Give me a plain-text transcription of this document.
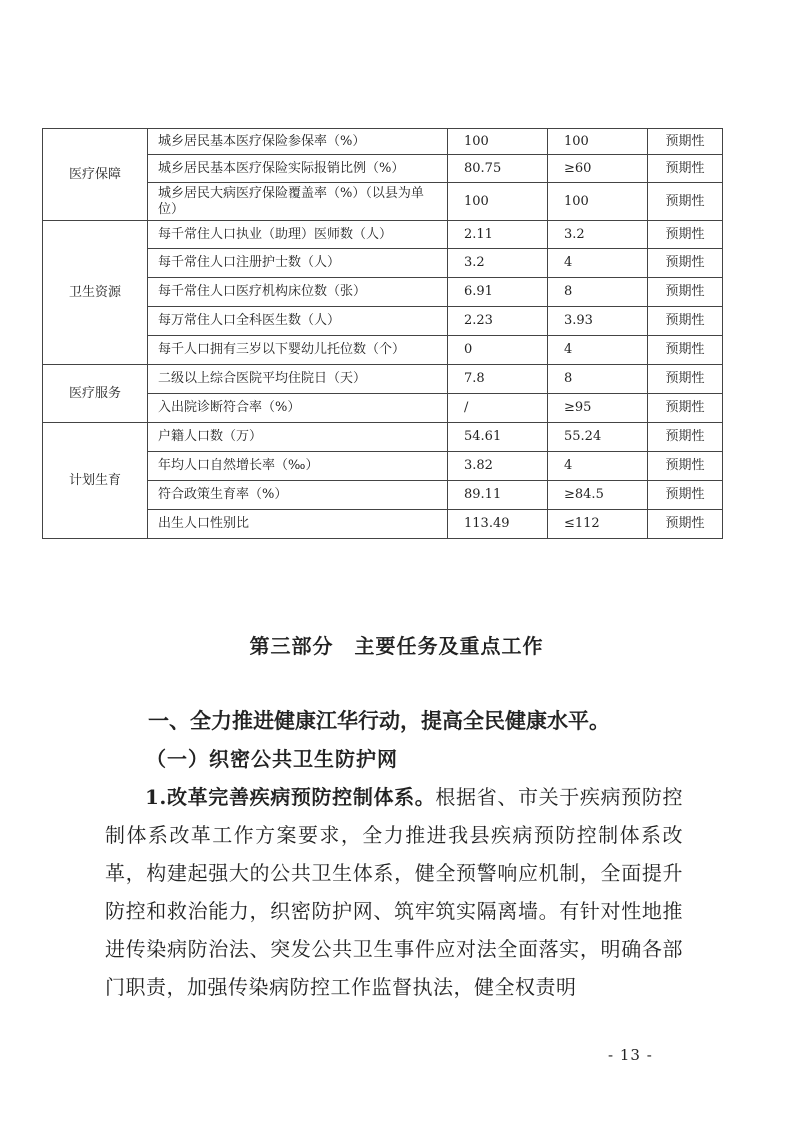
医疗保障	城乡居民基本医疗保险参保率（%）	100	100	预期性
	城乡居民基本医疗保险实际报销比例（%）	80.75	≥60	预期性
	城乡居民大病医疗保险覆盖率（%）（以县为单位）	100	100	预期性
卫生资源	每千常住人口执业（助理）医师数（人）	2.11	3.2	预期性
	每千常住人口注册护士数（人）	3.2	4	预期性
	每千常住人口医疗机构床位数（张）	6.91	8	预期性
	每万常住人口全科医生数（人）	2.23	3.93	预期性
	每千人口拥有三岁以下婴幼儿托位数（个）	0	4	预期性
医疗服务	二级以上综合医院平均住院日（天）	7.8	8	预期性
	入出院诊断符合率（%）	/	≥95	预期性
计划生育	户籍人口数（万）	54.61	55.24	预期性
	年均人口自然增长率（‰）	3.82	4	预期性
	符合政策生育率（%）	89.11	≥84.5	预期性
	出生人口性别比	113.49	≤112	预期性
第三部分　主要任务及重点工作
一、全力推进健康江华行动，提高全民健康水平。
（一）织密公共卫生防护网

1.改革完善疾病预防控制体系。根据省、市关于疾病预防控制体系改革工作方案要求，全力推进我县疾病预防控制体系改革，构建起强大的公共卫生体系，健全预警响应机制，全面提升防控和救治能力，织密防护网、筑牢筑实隔离墙。有针对性地推进传染病防治法、突发公共卫生事件应对法全面落实，明确各部门职责，加强传染病防控工作监督执法，健全权责明

- 13 -
